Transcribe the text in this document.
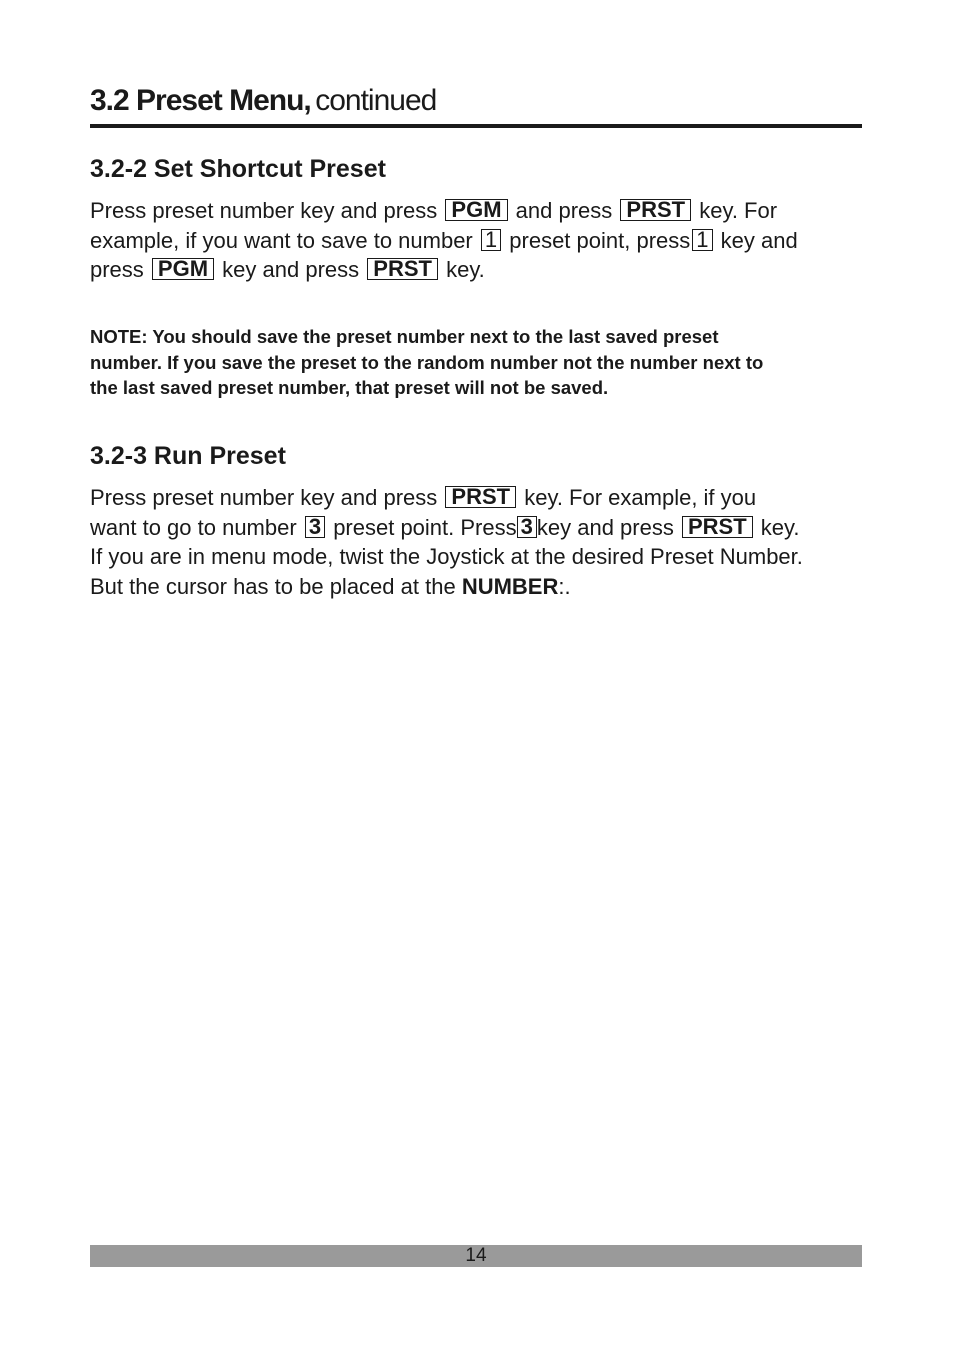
3.2 Preset Menu, continued
3.2-2 Set Shortcut Preset

Press preset number key and press PGM and press PRST key. For
example, if you want to save to number 1 preset point, press 1 key and
press PGM key and press PRST key.

NOTE: You should save the preset number next to the last saved preset
number. If you save the preset to the random number not the number next to
the last saved preset number, that preset will not be saved.
3.2-3 Run Preset

Press preset number key and press PRST key. For example, if you
want to go to number 3 preset point. Press 3 key and press PRST key.
If you are in menu mode, twist the Joystick at the desired Preset Number.
But the cursor has to be placed at the NUMBER:.

14
